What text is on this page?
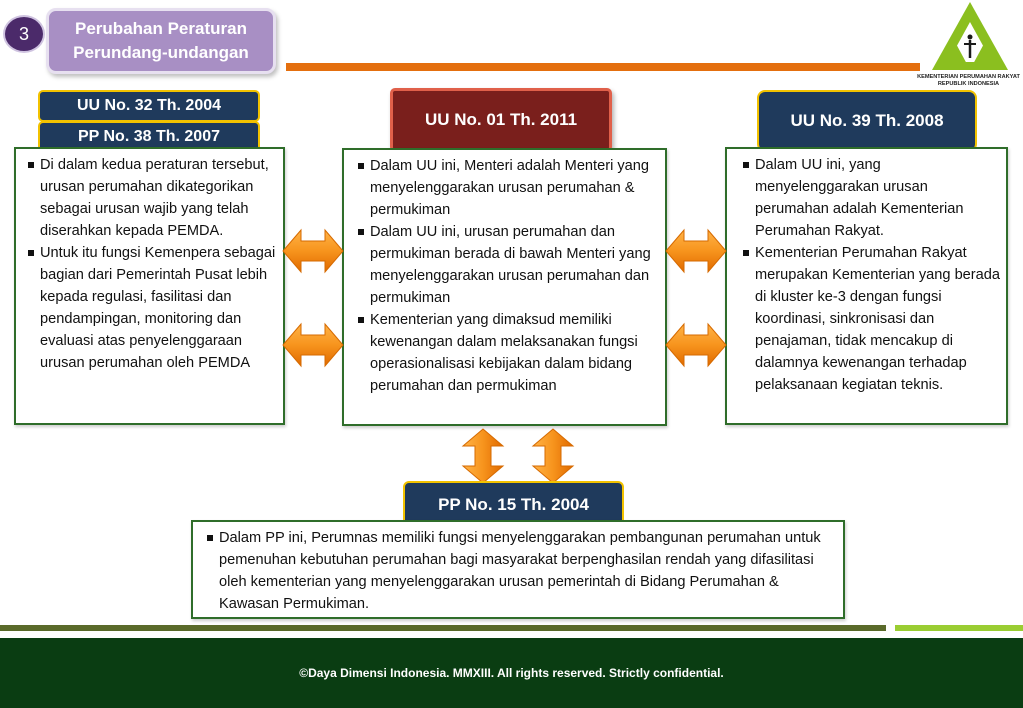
3	Perubahan Peraturan
Perundang-undangan
KEMENTERIAN PERUMAHAN RAKYAT
REPUBLIK INDONESIA
UU No. 32 Th. 2004
PP No. 38 Th. 2007
Di dalam kedua peraturan tersebut, urusan perumahan dikategorikan sebagai urusan wajib yang telah diserahkan kepada PEMDA.
Untuk itu fungsi Kemenpera sebagai bagian dari Pemerintah Pusat lebih kepada regulasi, fasilitasi dan pendampingan, monitoring dan evaluasi atas penyelenggaraan urusan perumahan oleh PEMDA
UU No. 01 Th. 2011
Dalam UU ini, Menteri adalah Menteri yang menyelenggarakan urusan perumahan & permukiman
Dalam UU ini, urusan perumahan dan permukiman berada di bawah Menteri yang menyelenggarakan urusan perumahan dan permukiman
Kementerian yang dimaksud memiliki kewenangan dalam melaksanakan fungsi operasionalisasi kebijakan dalam bidang perumahan dan permukiman
UU No. 39 Th. 2008
Dalam UU ini, yang menyelenggarakan urusan perumahan adalah Kementerian Perumahan Rakyat.
Kementerian Perumahan Rakyat merupakan Kementerian yang berada di kluster ke-3 dengan fungsi koordinasi, sinkronisasi dan penajaman, tidak mencakup di dalamnya kewenangan terhadap pelaksanaan kegiatan teknis.
PP No. 15 Th. 2004
Dalam PP ini, Perumnas memiliki fungsi menyelenggarakan pembangunan perumahan untuk pemenuhan kebutuhan perumahan bagi masyarakat berpenghasilan rendah yang difasilitasi oleh kementerian yang menyelenggarakan urusan pemerintah di Bidang Perumahan & Kawasan Permukiman.
©Daya Dimensi Indonesia. MMXIII. All rights reserved. Strictly confidential.
